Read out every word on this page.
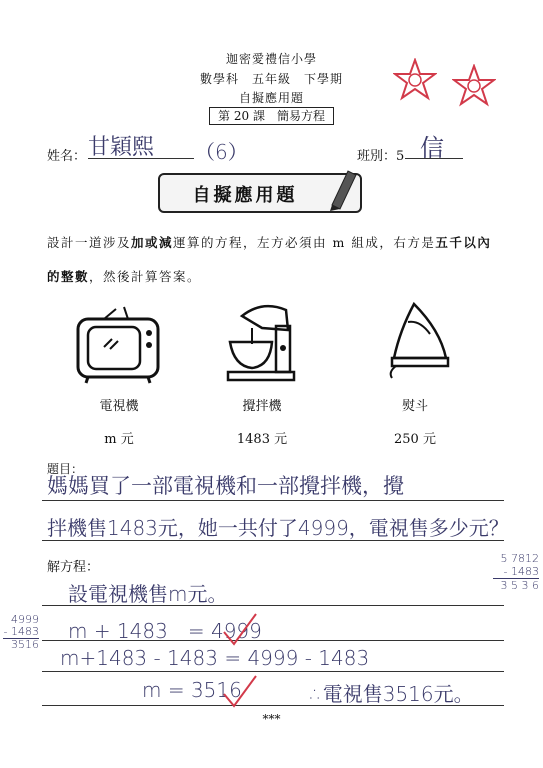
迦密愛禮信小學
數學科　五年級　下學期
自擬應用題
第 20 課　簡易方程
姓名： 甘穎熙 （6）	班別：5 信
自擬應用題
設計一道涉及加或減運算的方程，左方必須由 m 組成，右方是五千以內
的整數，然後計算答案。
電視機	攪拌機	熨斗
m 元	1483 元	250 元
題目：
媽媽買了一部電視機和一部攪拌機，攪
拌機售1483元，她一共付了4999，電視售多少元？
解方程：
設電視機售m元。
m + 1483　= 4999
m+1483 - 1483 = 4999 - 1483
m = 3516	∴電視售3516元。
4999
- 1483
3516
5 7812
- 1483
3 5 3 6
***
